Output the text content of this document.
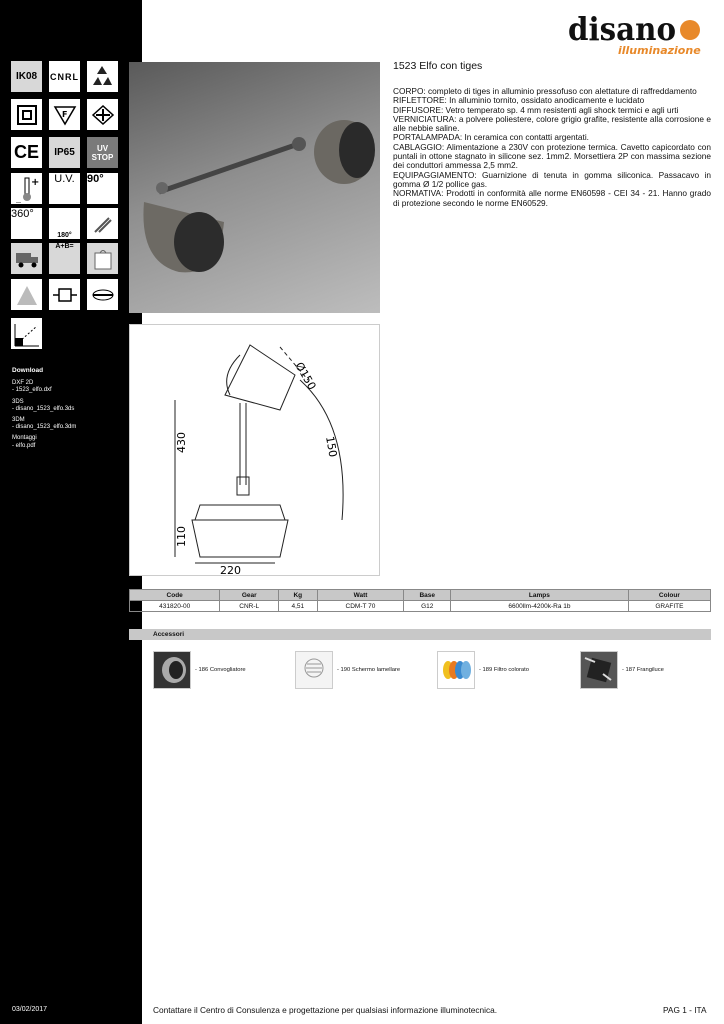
IK08 CNRL
F
CE IP65	UV STOP
+
_
U.V. 90°
360°
180°
A+B=
Download
DXF 2D
- 1523_elfo.dxf
3DS
- disano_1523_elfo.3ds
3DM
- disano_1523_elfo.3dm
Montaggi
- elfo.pdf
03/02/2017
disano
illuminazione
Ø150
430
110
220
150
1523 Elfo con tiges

CORPO: completo di tiges in alluminio pressofuso con alettature di raffreddamento

RIFLETTORE: In alluminio tornito, ossidato anodicamente e lucidato

DIFFUSORE: Vetro temperato sp. 4 mm resistenti agli shock termici e agli urti

VERNICIATURA: a polvere poliestere, colore grigio grafite, resistente alla corrosione e alle nebbie saline.

PORTALAMPADA: In ceramica con contatti argentati.

CABLAGGIO: Alimentazione a 230V con protezione termica. Cavetto capicordato con puntali in ottone stagnato in silicone sez. 1mm2. Morsettiera 2P con massima sezione dei conduttori ammessa 2,5 mm2.

EQUIPAGGIAMENTO: Guarnizione di tenuta in gomma siliconica. Passacavo in gomma Ø 1/2 pollice gas.

NORMATIVA: Prodotti in conformità alle norme EN60598 - CEI 34 - 21. Hanno grado di protezione secondo le norme EN60529.

Code	Gear	Kg	Watt	Base	Lamps	Colour
431820-00	CNR-L	4,51	CDM-T 70	G12	6600llm-4200k-Ra 1b	GRAFITE
Accessori
- 186 Convogliatore	- 190 Schermo lamellare	- 189 Filtro colorato	- 187 Frangiluce
Contattare il Centro di Consulenza e progettazione per qualsiasi informazione illuminotecnica.	PAG 1 - ITA
